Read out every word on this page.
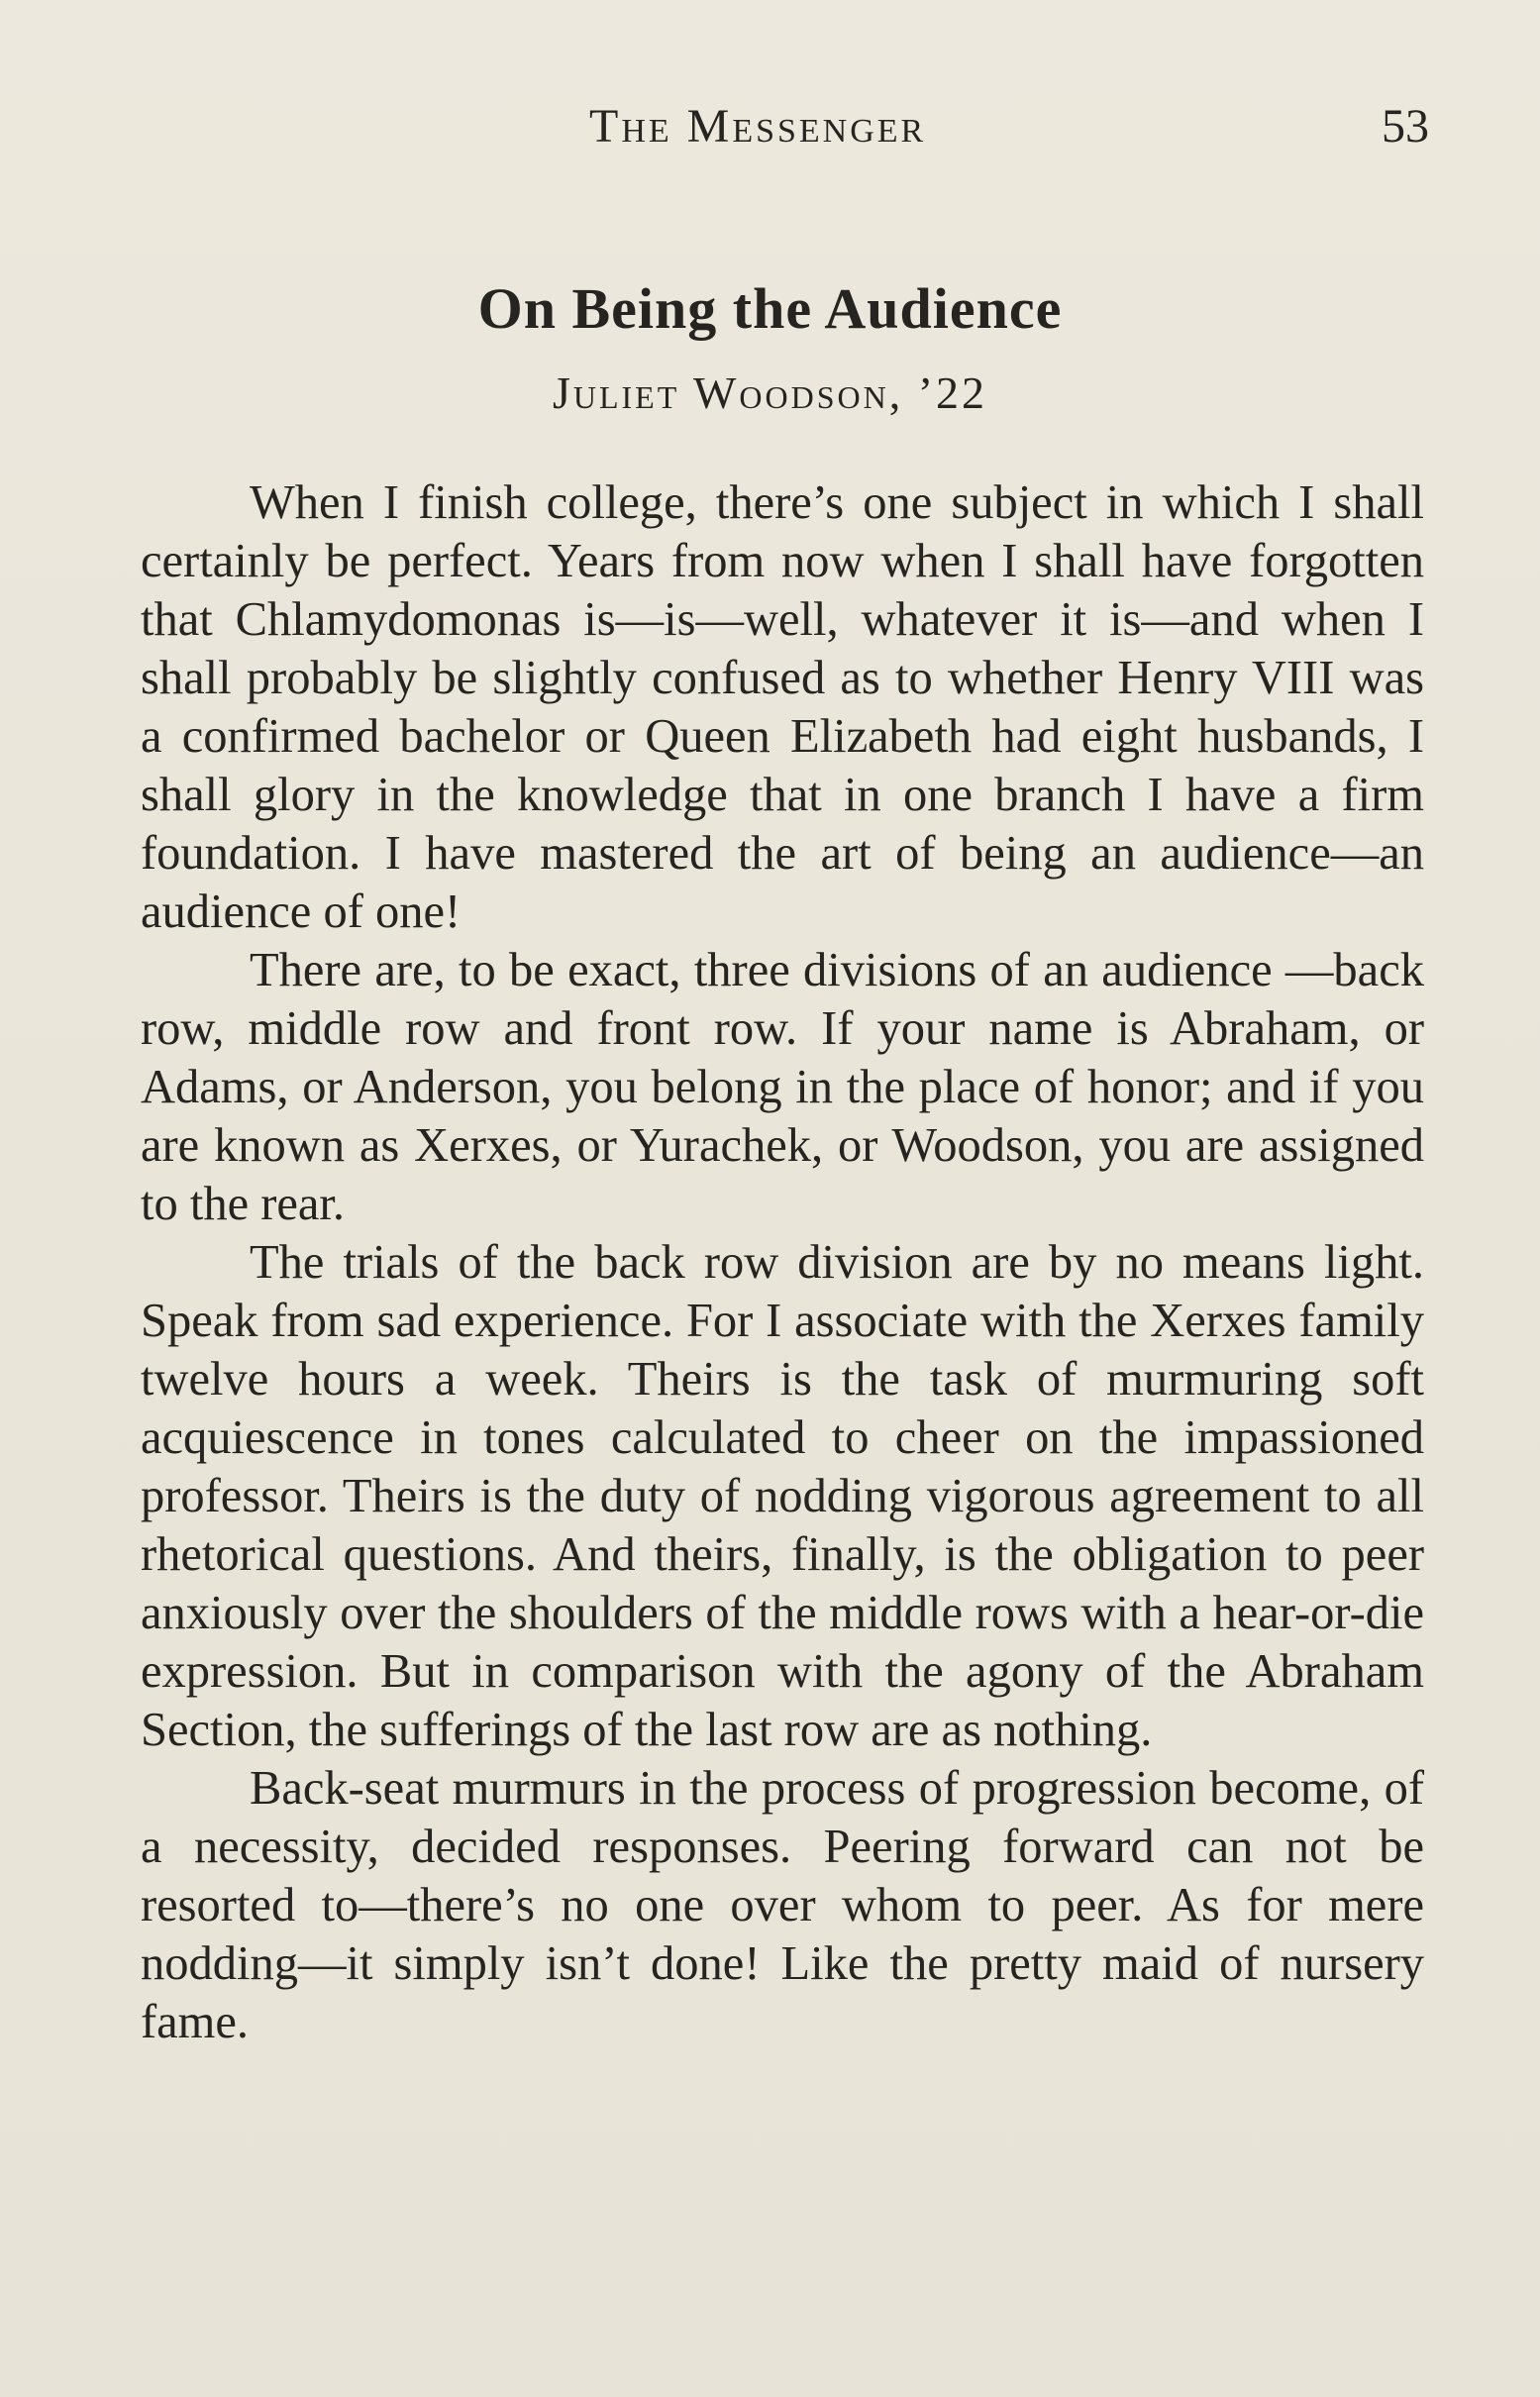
The Messenger	53
On Being the Audience
Juliet Woodson, ’22

When I finish college, there’s one subject in which I shall certainly be perfect. Years from now when I shall have forgotten that Chlamydomonas is—is—well, whatever it is—and when I shall probably be slightly confused as to whether Henry VIII was a confirmed bachelor or Queen Elizabeth had eight husbands, I shall glory in the knowledge that in one branch I have a firm foundation. I have mastered the art of being an audience—an audience of one!

There are, to be exact, three divisions of an audience —back row, middle row and front row. If your name is Abraham, or Adams, or Anderson, you belong in the place of honor; and if you are known as Xerxes, or Yurachek, or Woodson, you are assigned to the rear.

The trials of the back row division are by no means light. Speak from sad experience. For I associate with the Xerxes family twelve hours a week. Theirs is the task of murmuring soft acquiescence in tones calculated to cheer on the impassioned professor. Theirs is the duty of nodding vigorous agreement to all rhetorical questions. And theirs, finally, is the obligation to peer anxiously over the shoulders of the middle rows with a hear-or-die expression. But in comparison with the agony of the Abraham Section, the sufferings of the last row are as nothing.

Back-seat murmurs in the process of progression become, of a necessity, decided responses. Peering forward can not be resorted to—there’s no one over whom to peer. As for mere nodding—it simply isn’t done! Like the pretty maid of nursery fame.
